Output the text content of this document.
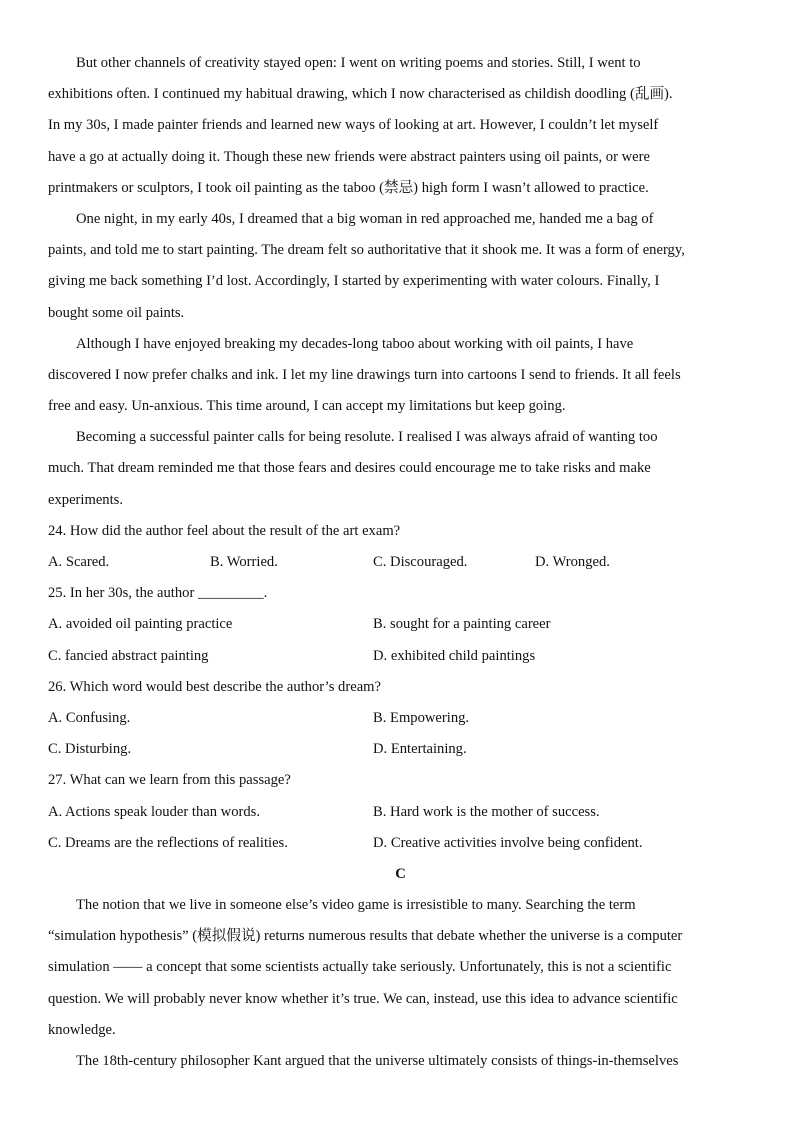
But other channels of creativity stayed open: I went on writing poems and stories. Still, I went to
exhibitions often. I continued my habitual drawing, which I now characterised as childish doodling (乱画).
In my 30s, I made painter friends and learned new ways of looking at art. However, I couldn’t let myself
have a go at actually doing it. Though these new friends were abstract painters using oil paints, or were
printmakers or sculptors, I took oil painting as the taboo (禁忌) high form I wasn’t allowed to practice.
One night, in my early 40s, I dreamed that a big woman in red approached me, handed me a bag of
paints, and told me to start painting. The dream felt so authoritative that it shook me. It was a form of energy,
giving me back something I’d lost. Accordingly, I started by experimenting with water colours. Finally, I
bought some oil paints.
Although I have enjoyed breaking my decades-long taboo about working with oil paints, I have
discovered I now prefer chalks and ink. I let my line drawings turn into cartoons I send to friends. It all feels
free and easy. Un-anxious. This time around, I can accept my limitations but keep going.
Becoming a successful painter calls for being resolute. I realised I was always afraid of wanting too
much. That dream reminded me that those fears and desires could encourage me to take risks and make
experiments.
24. How did the author feel about the result of the art exam?
A. Scared.	B. Worried.	C. Discouraged.	D. Wronged.
25. In her 30s, the author _________.
A. avoided oil painting practice	B. sought for a painting career
C. fancied abstract painting	D. exhibited child paintings
26. Which word would best describe the author’s dream?
A. Confusing.	B. Empowering.
C. Disturbing.	D. Entertaining.
27. What can we learn from this passage?
A. Actions speak louder than words.	B. Hard work is the mother of success.
C. Dreams are the reflections of realities.	D. Creative activities involve being confident.
C
The notion that we live in someone else’s video game is irresistible to many. Searching the term
“simulation hypothesis” (模拟假说) returns numerous results that debate whether the universe is a computer
simulation —— a concept that some scientists actually take seriously. Unfortunately, this is not a scientific
question. We will probably never know whether it’s true. We can, instead, use this idea to advance scientific
knowledge.
The 18th-century philosopher Kant argued that the universe ultimately consists of things-in-themselves
